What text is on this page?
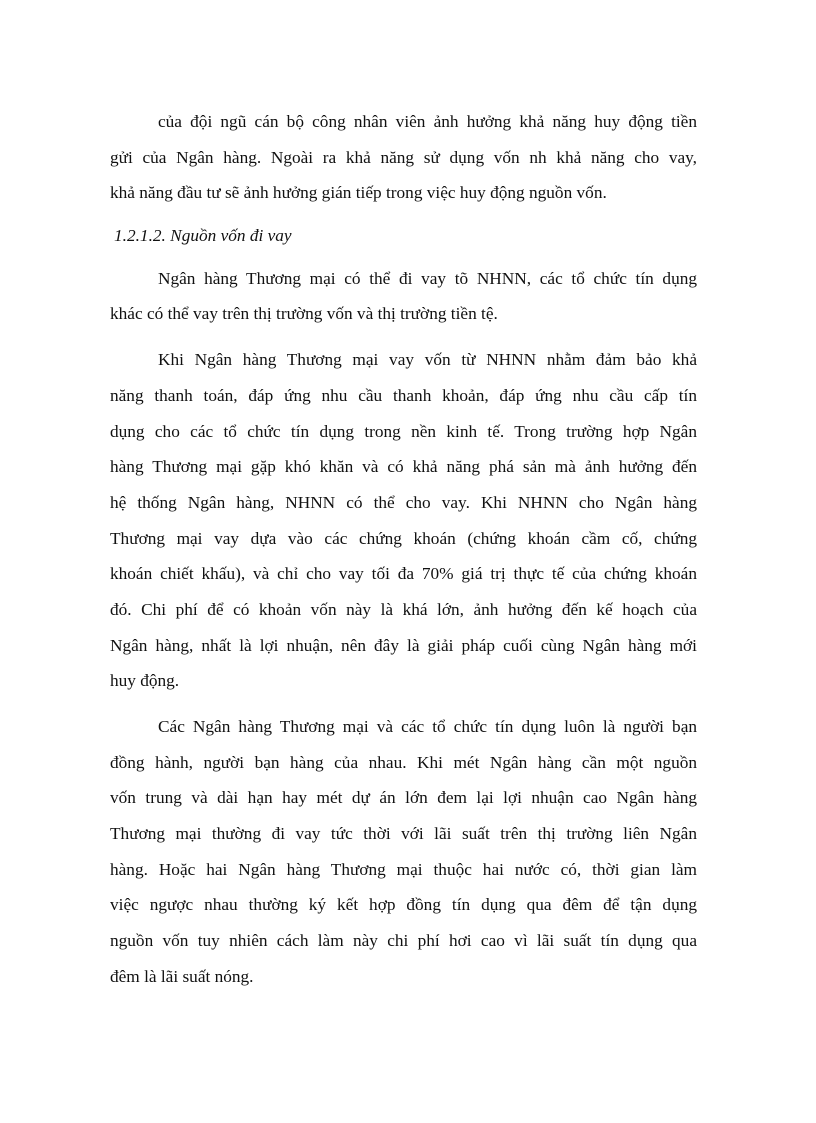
của đội ngũ cán bộ công nhân viên ảnh hưởng khả năng huy động tiền

gửi của Ngân hàng. Ngoài ra khả năng sử dụng vốn nh khả năng cho vay,

khả năng đầu tư sẽ ảnh hưởng gián tiếp trong việc huy động nguồn vốn.

1.2.1.2. Nguồn vốn đi vay

Ngân hàng Thương mại có thể đi vay tõ NHNN, các tổ chức tín dụng

khác có thể vay trên thị trường vốn và thị trường tiền tệ.

Khi Ngân hàng Thương mại vay vốn từ NHNN nhằm đảm bảo khả

năng thanh toán, đáp ứng nhu cầu thanh khoản, đáp ứng nhu cầu cấp tín

dụng cho các tổ chức tín dụng trong nền kinh tế. Trong trường hợp Ngân

hàng Thương mại gặp khó khăn và có khả năng phá sản mà ảnh hưởng đến

hệ thống Ngân hàng, NHNN có thể cho vay. Khi NHNN cho Ngân hàng

Thương mại vay dựa vào các chứng khoán (chứng khoán cầm cố, chứng

khoán chiết khấu), và chỉ cho vay tối đa 70% giá trị thực tế của chứng khoán

đó. Chi phí để có khoản vốn này là khá lớn, ảnh hưởng đến kế hoạch của

Ngân hàng, nhất là lợi nhuận, nên đây là giải pháp cuối cùng Ngân hàng mới

huy động.

Các Ngân hàng Thương mại và các tổ chức tín dụng luôn là người bạn

đồng hành, người bạn hàng của nhau. Khi mét Ngân hàng cần một nguồn

vốn trung và dài hạn hay mét dự án lớn đem lại lợi nhuận cao Ngân hàng

Thương mại thường đi vay tức thời với lãi suất trên thị trường liên Ngân

hàng. Hoặc hai Ngân hàng Thương mại thuộc hai nước có, thời gian làm

việc ngược nhau thường ký kết hợp đồng tín dụng qua đêm để tận dụng

nguồn vốn tuy nhiên cách làm này chi phí hơi cao vì lãi suất tín dụng qua

đêm là lãi suất nóng.
